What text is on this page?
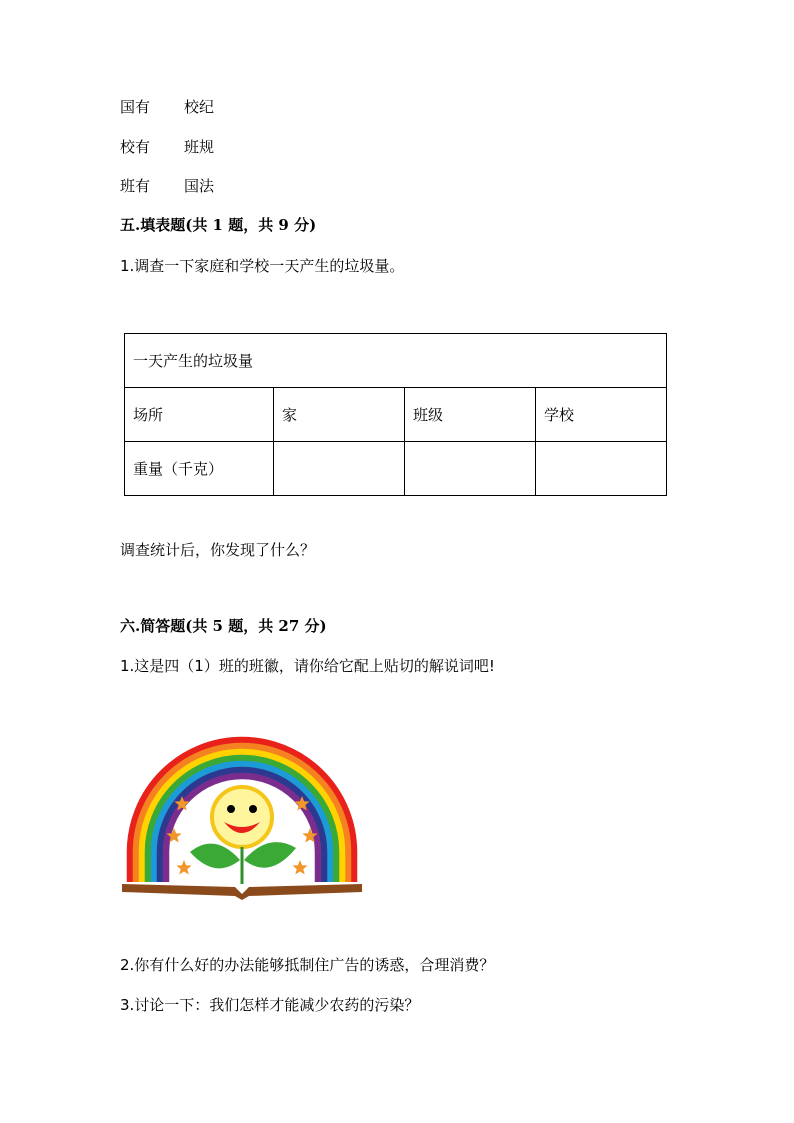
国有 校纪
校有 班规
班有 国法
五.填表题(共 1 题，共 9 分)
1.调查一下家庭和学校一天产生的垃圾量。
一天产生的垃圾量			
场所	家	班级	学校
重量（千克）			
调查统计后，你发现了什么？
六.简答题(共 5 题，共 27 分)
1.这是四（1）班的班徽，请你给它配上贴切的解说词吧!
2.你有什么好的办法能够抵制住广告的诱惑，合理消费？
3.讨论一下：我们怎样才能减少农药的污染？
